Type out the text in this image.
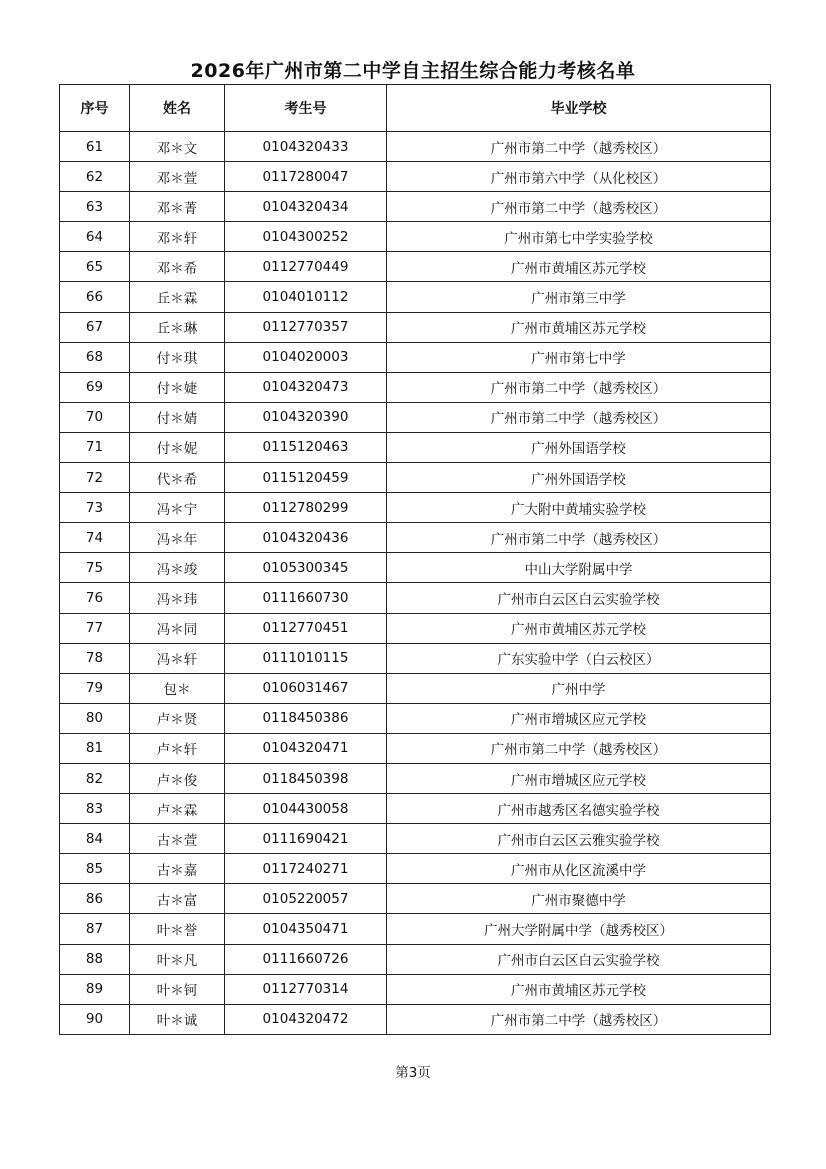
2026年广州市第二中学自主招生综合能力考核名单
序号	姓名	考生号	毕业学校
61	邓＊文	0104320433	广州市第二中学（越秀校区）
62	邓＊萱	0117280047	广州市第六中学（从化校区）
63	邓＊菁	0104320434	广州市第二中学（越秀校区）
64	邓＊轩	0104300252	广州市第七中学实验学校
65	邓＊希	0112770449	广州市黄埔区苏元学校
66	丘＊霖	0104010112	广州市第三中学
67	丘＊琳	0112770357	广州市黄埔区苏元学校
68	付＊琪	0104020003	广州市第七中学
69	付＊婕	0104320473	广州市第二中学（越秀校区）
70	付＊婧	0104320390	广州市第二中学（越秀校区）
71	付＊妮	0115120463	广州外国语学校
72	代＊希	0115120459	广州外国语学校
73	冯＊宁	0112780299	广大附中黄埔实验学校
74	冯＊年	0104320436	广州市第二中学（越秀校区）
75	冯＊竣	0105300345	中山大学附属中学
76	冯＊玮	0111660730	广州市白云区白云实验学校
77	冯＊同	0112770451	广州市黄埔区苏元学校
78	冯＊轩	0111010115	广东实验中学（白云校区）
79	包＊	0106031467	广州中学
80	卢＊贤	0118450386	广州市增城区应元学校
81	卢＊轩	0104320471	广州市第二中学（越秀校区）
82	卢＊俊	0118450398	广州市增城区应元学校
83	卢＊霖	0104430058	广州市越秀区名德实验学校
84	古＊萱	0111690421	广州市白云区云雅实验学校
85	古＊嘉	0117240271	广州市从化区流溪中学
86	古＊富	0105220057	广州市聚德中学
87	叶＊誉	0104350471	广州大学附属中学（越秀校区）
88	叶＊凡	0111660726	广州市白云区白云实验学校
89	叶＊钶	0112770314	广州市黄埔区苏元学校
90	叶＊诚	0104320472	广州市第二中学（越秀校区）
第3页
